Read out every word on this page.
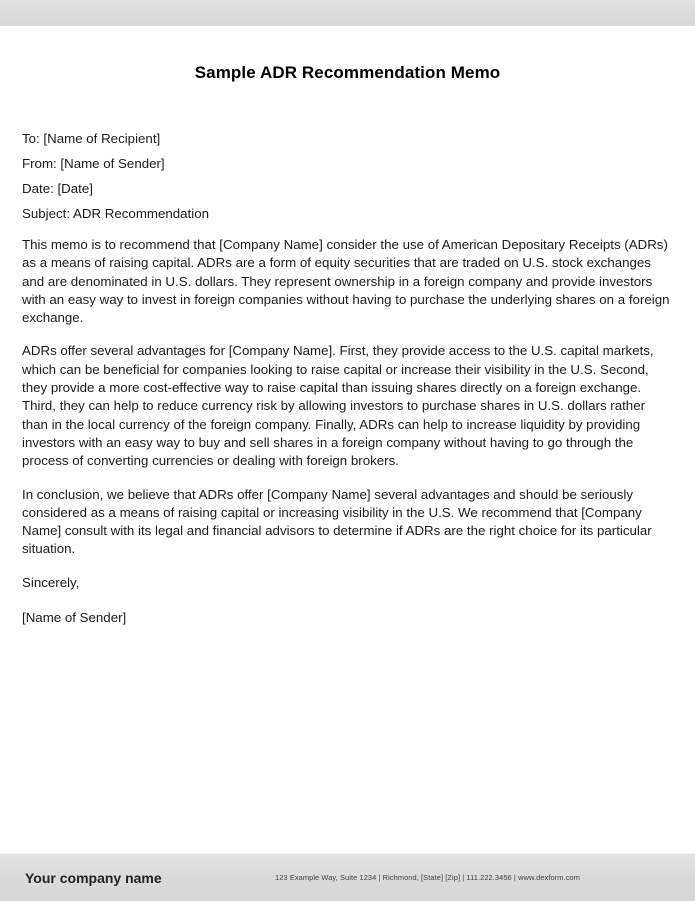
Sample ADR Recommendation Memo
To: [Name of Recipient]
From: [Name of Sender]
Date: [Date]
Subject: ADR Recommendation

This memo is to recommend that [Company Name] consider the use of American Depositary Receipts (ADRs) as a means of raising capital. ADRs are a form of equity securities that are traded on U.S. stock exchanges and are denominated in U.S. dollars. They represent ownership in a foreign company and provide investors with an easy way to invest in foreign companies without having to purchase the underlying shares on a foreign exchange.

ADRs offer several advantages for [Company Name]. First, they provide access to the U.S. capital markets, which can be beneficial for companies looking to raise capital or increase their visibility in the U.S. Second, they provide a more cost-effective way to raise capital than issuing shares directly on a foreign exchange. Third, they can help to reduce currency risk by allowing investors to purchase shares in U.S. dollars rather than in the local currency of the foreign company. Finally, ADRs can help to increase liquidity by providing investors with an easy way to buy and sell shares in a foreign company without having to go through the process of converting currencies or dealing with foreign brokers.

In conclusion, we believe that ADRs offer [Company Name] several advantages and should be seriously considered as a means of raising capital or increasing visibility in the U.S. We recommend that [Company Name] consult with its legal and financial advisors to determine if ADRs are the right choice for its particular situation.

Sincerely,
[Name of Sender]
Your company name	123 Example Way, Suite 1234 | Richmond, [State] [Zip] | 111.222.3456 | www.dexform.com
